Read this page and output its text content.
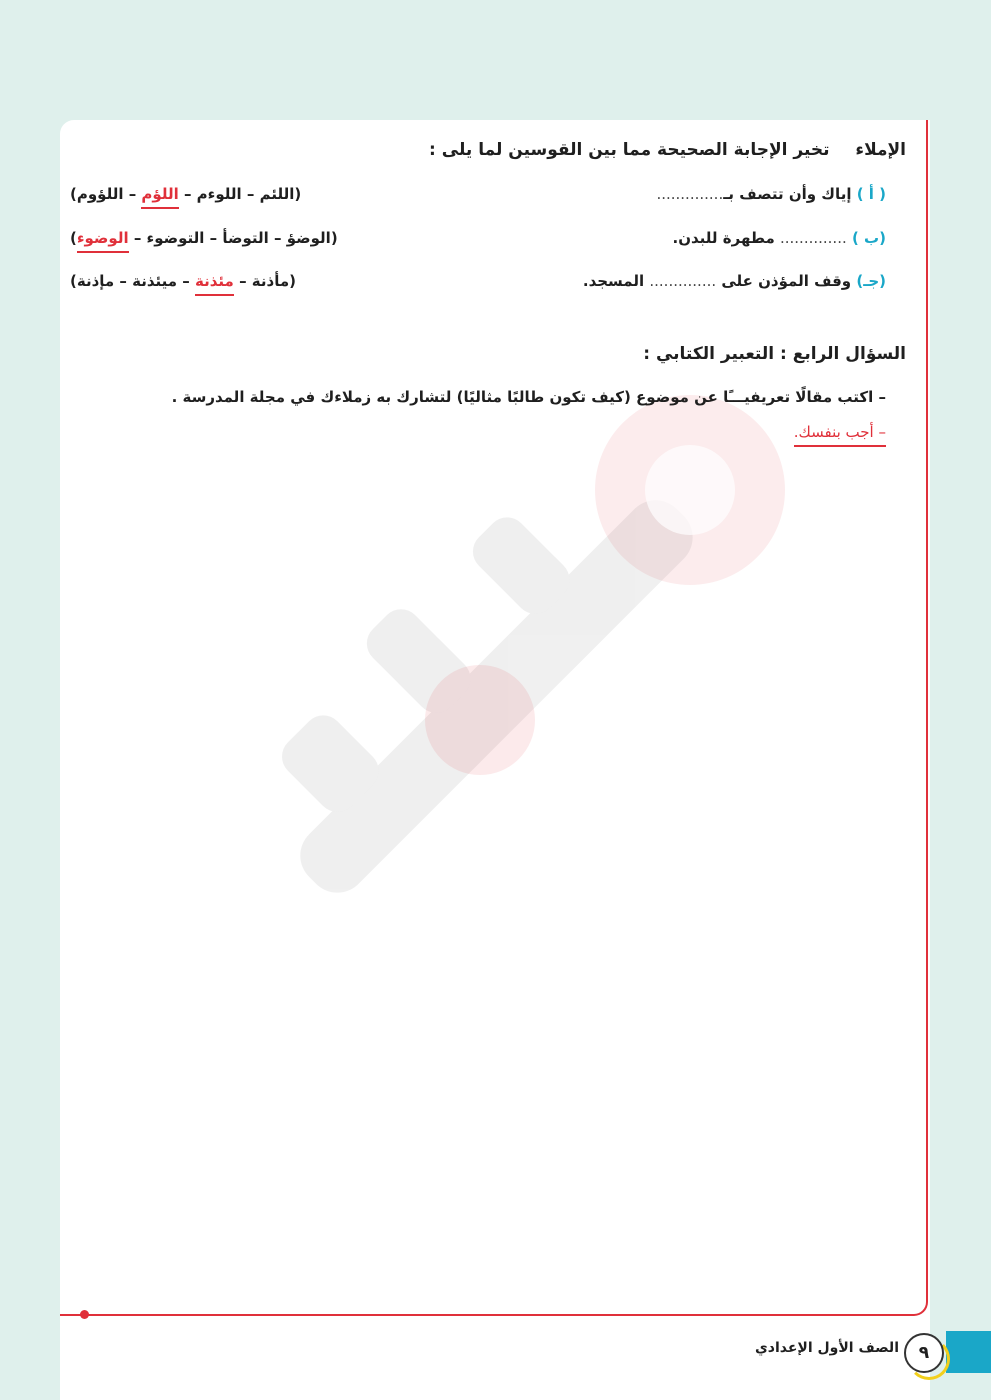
الإملاء  تخير الإجابة الصحيحة مما بين القوسين لما يلى :
( أ ) إياك وأن تتصف بـ..............
(اللئم – اللوءم – اللؤم – اللؤوم)
(ب ) .............. مطهرة للبدن.
(الوضؤ – التوضأ – التوضوء – الوضوء)
(جـ) وقف المؤذن على .............. المسجد.
(مأذنة – مئذنة – ميئذنة – مإذنة)
السؤال الرابع : التعبير الكتابي :
– اكتب مقالًا تعريفيـــًا عن موضوع (كيف تكون طالبًا مثاليًا) لتشارك به زملاءك في مجلة المدرسة .
– أجب بنفسك.
٩
الصف الأول الإعدادي
